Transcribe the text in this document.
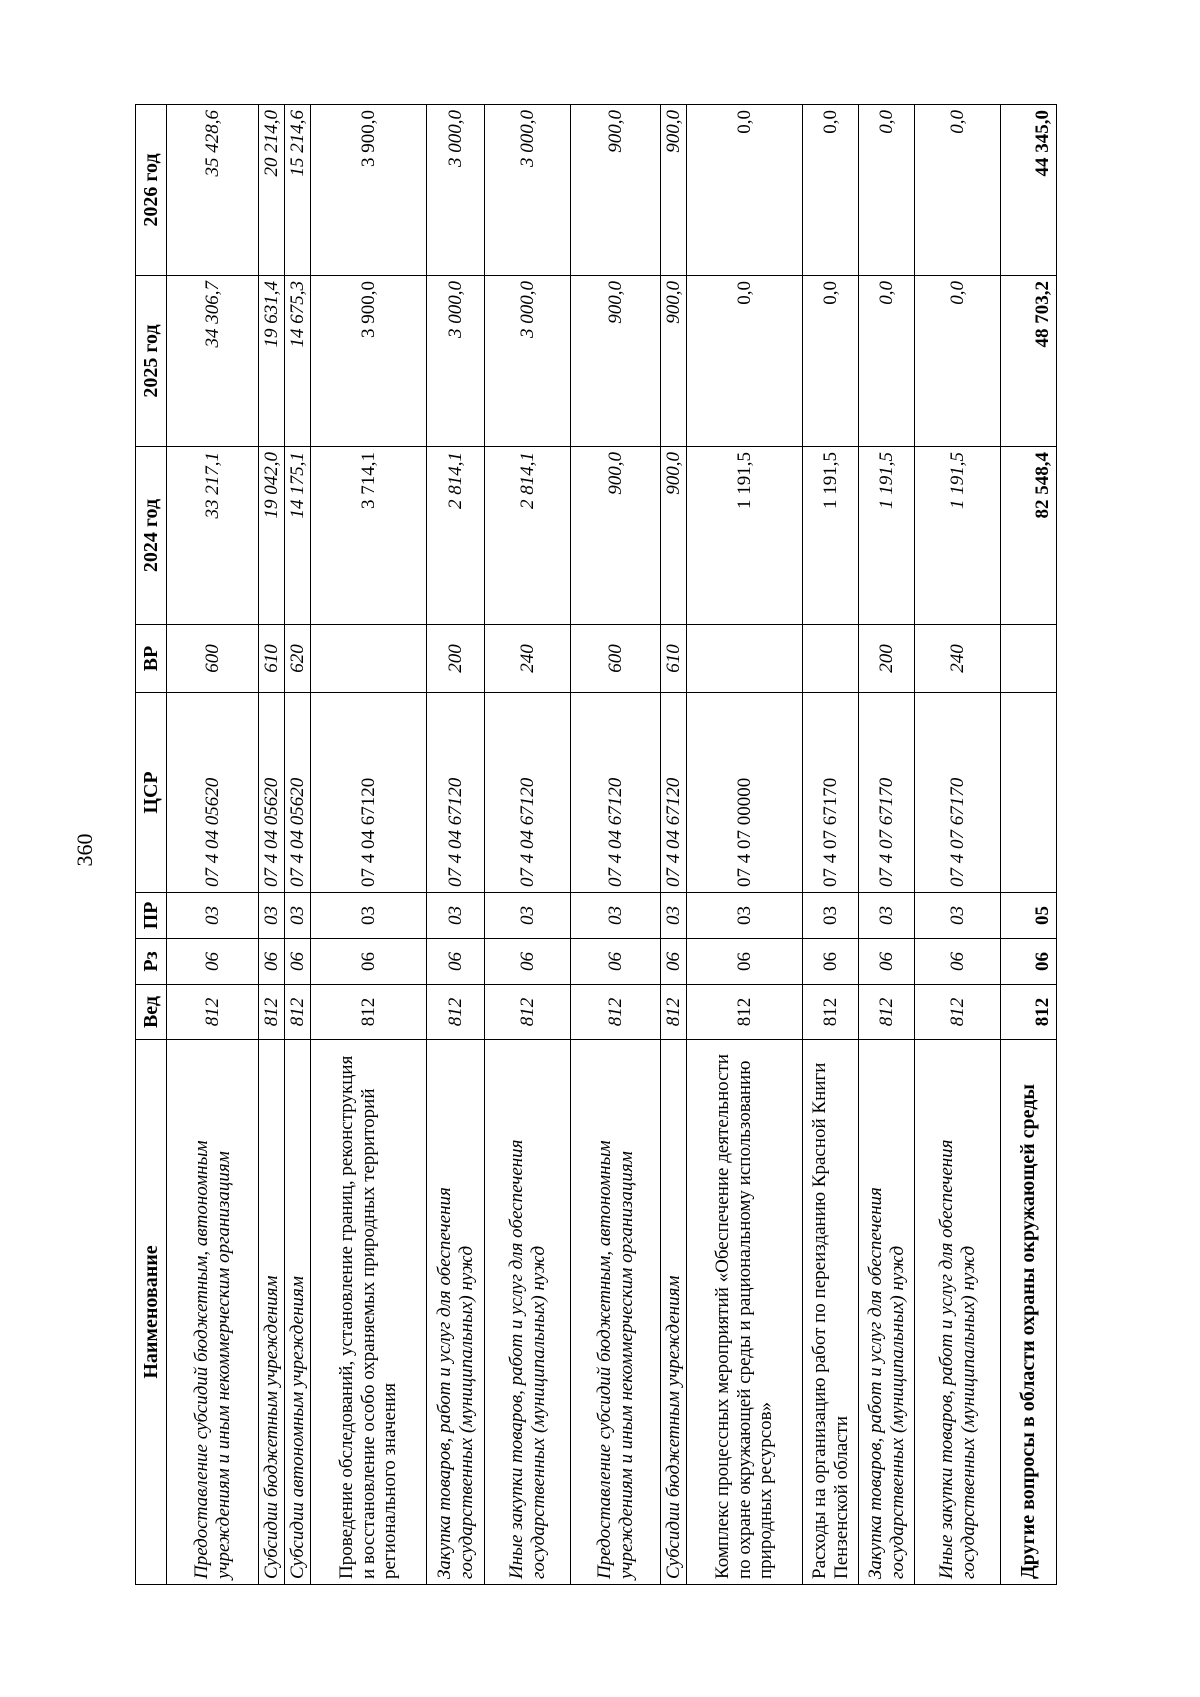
360
Наименование	Вед	Рз	ПР	ЦСР	ВР	2024 год	2025 год	2026 год
Предоставление субсидий бюджетным, автономным учреждениям и иным некоммерческим организациям	812	06	03	07 4 04 05620	600	33 217,1	34 306,7	35 428,6
Субсидии бюджетным учреждениям	812	06	03	07 4 04 05620	610	19 042,0	19 631,4	20 214,0
Субсидии автономным учреждениям	812	06	03	07 4 04 05620	620	14 175,1	14 675,3	15 214,6
Проведение обследований, установление границ, реконструкция и восстановление особо охраняемых природных территорий регионального значения	812	06	03	07 4 04 67120		3 714,1	3 900,0	3 900,0
Закупка товаров, работ и услуг для обеспечения государственных (муниципальных) нужд	812	06	03	07 4 04 67120	200	2 814,1	3 000,0	3 000,0
Иные закупки товаров, работ и услуг для обеспечения государственных (муниципальных) нужд	812	06	03	07 4 04 67120	240	2 814,1	3 000,0	3 000,0
Предоставление субсидий бюджетным, автономным учреждениям и иным некоммерческим организациям	812	06	03	07 4 04 67120	600	900,0	900,0	900,0
Субсидии бюджетным учреждениям	812	06	03	07 4 04 67120	610	900,0	900,0	900,0
Комплекс процессных мероприятий «Обеспечение деятельности по охране окружающей среды и рациональному использованию природных ресурсов»	812	06	03	07 4 07 00000		1 191,5	0,0	0,0
Расходы на организацию работ по переизданию Красной Книги Пензенской области	812	06	03	07 4 07 67170		1 191,5	0,0	0,0
Закупка товаров, работ и услуг для обеспечения государственных (муниципальных) нужд	812	06	03	07 4 07 67170	200	1 191,5	0,0	0,0
Иные закупки товаров, работ и услуг для обеспечения государственных (муниципальных) нужд	812	06	03	07 4 07 67170	240	1 191,5	0,0	0,0
Другие вопросы в области охраны окружающей среды	812	06	05			82 548,4	48 703,2	44 345,0
